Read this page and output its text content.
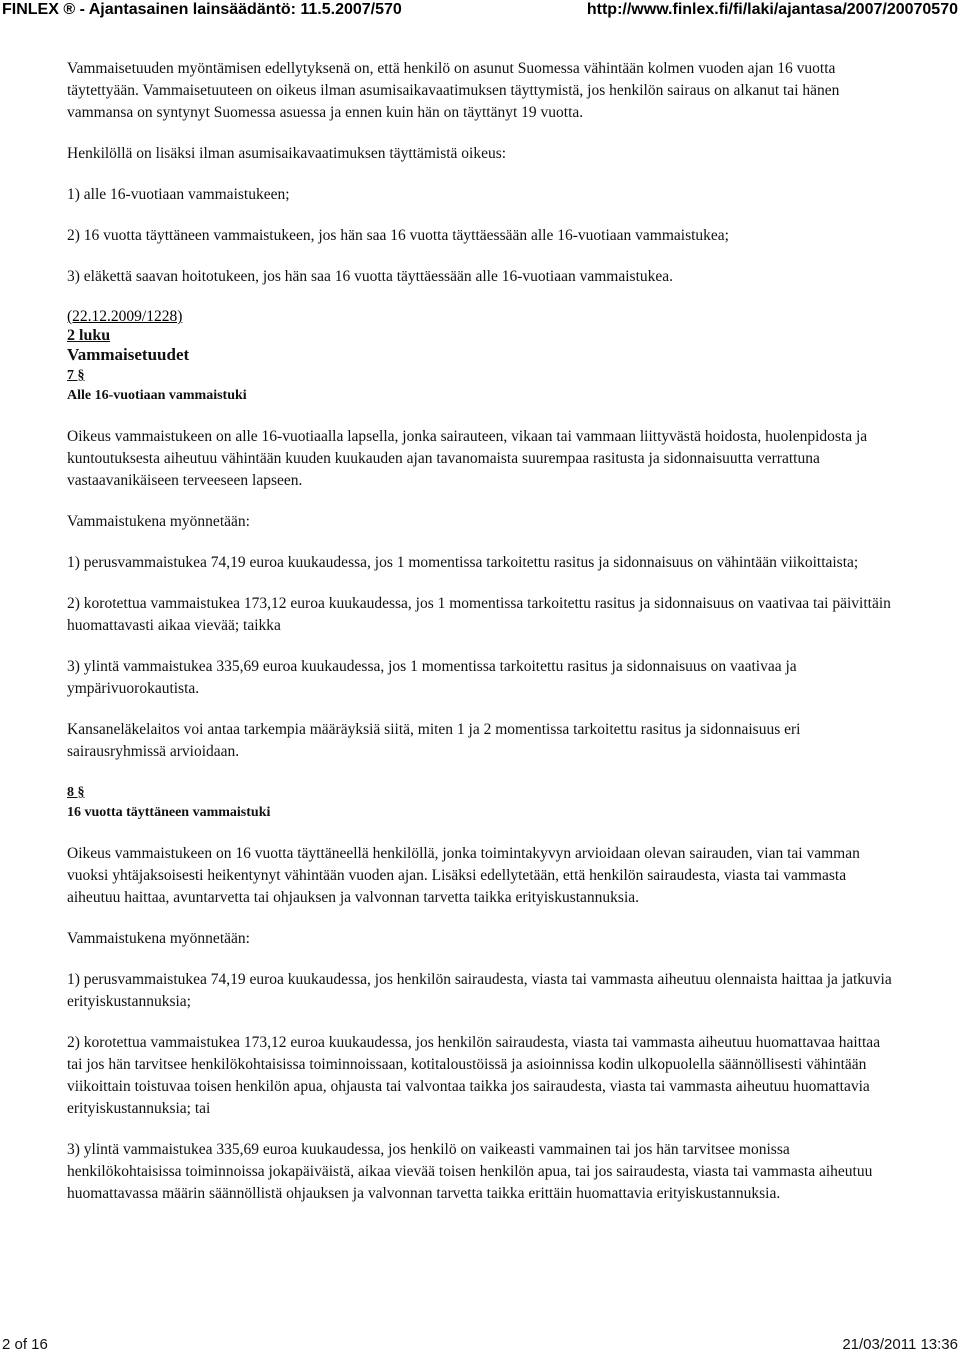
FINLEX ® - Ajantasainen lainsäädäntö: 11.5.2007/570	http://www.finlex.fi/fi/laki/ajantasa/2007/20070570

Vammaisetuuden myöntämisen edellytyksenä on, että henkilö on asunut Suomessa vähintään kolmen vuoden ajan 16 vuotta täytettyään. Vammaisetuuteen on oikeus ilman asumisaikavaatimuksen täyttymistä, jos henkilön sairaus on alkanut tai hänen vammansa on syntynyt Suomessa asuessa ja ennen kuin hän on täyttänyt 19 vuotta.

Henkilöllä on lisäksi ilman asumisaikavaatimuksen täyttämistä oikeus:

1) alle 16-vuotiaan vammaistukeen;

2) 16 vuotta täyttäneen vammaistukeen, jos hän saa 16 vuotta täyttäessään alle 16-vuotiaan vammaistukea;

3) eläkettä saavan hoitotukeen, jos hän saa 16 vuotta täyttäessään alle 16-vuotiaan vammaistukea.

(22.12.2009/1228)
2 luku
Vammaisetuudet
7 §
Alle 16-vuotiaan vammaistuki

Oikeus vammaistukeen on alle 16-vuotiaalla lapsella, jonka sairauteen, vikaan tai vammaan liittyvästä hoidosta, huolenpidosta ja kuntoutuksesta aiheutuu vähintään kuuden kuukauden ajan tavanomaista suurempaa rasitusta ja sidonnaisuutta verrattuna vastaavanikäiseen terveeseen lapseen.

Vammaistukena myönnetään:

1) perusvammaistukea 74,19 euroa kuukaudessa, jos 1 momentissa tarkoitettu rasitus ja sidonnaisuus on vähintään viikoittaista;

2) korotettua vammaistukea 173,12 euroa kuukaudessa, jos 1 momentissa tarkoitettu rasitus ja sidonnaisuus on vaativaa tai päivittäin huomattavasti aikaa vievää; taikka

3) ylintä vammaistukea 335,69 euroa kuukaudessa, jos 1 momentissa tarkoitettu rasitus ja sidonnaisuus on vaativaa ja ympärivuorokautista.

Kansaneläkelaitos voi antaa tarkempia määräyksiä siitä, miten 1 ja 2 momentissa tarkoitettu rasitus ja sidonnaisuus eri sairausryhmissä arvioidaan.

8 §
16 vuotta täyttäneen vammaistuki

Oikeus vammaistukeen on 16 vuotta täyttäneellä henkilöllä, jonka toimintakyvyn arvioidaan olevan sairauden, vian tai vamman vuoksi yhtäjaksoisesti heikentynyt vähintään vuoden ajan. Lisäksi edellytetään, että henkilön sairaudesta, viasta tai vammasta aiheutuu haittaa, avuntarvetta tai ohjauksen ja valvonnan tarvetta taikka erityiskustannuksia.

Vammaistukena myönnetään:

1) perusvammaistukea 74,19 euroa kuukaudessa, jos henkilön sairaudesta, viasta tai vammasta aiheutuu olennaista haittaa ja jatkuvia erityiskustannuksia;

2) korotettua vammaistukea 173,12 euroa kuukaudessa, jos henkilön sairaudesta, viasta tai vammasta aiheutuu huomattavaa haittaa tai jos hän tarvitsee henkilökohtaisissa toiminnoissaan, kotitaloustöissä ja asioinnissa kodin ulkopuolella säännöllisesti vähintään viikoittain toistuvaa toisen henkilön apua, ohjausta tai valvontaa taikka jos sairaudesta, viasta tai vammasta aiheutuu huomattavia erityiskustannuksia; tai

3) ylintä vammaistukea 335,69 euroa kuukaudessa, jos henkilö on vaikeasti vammainen tai jos hän tarvitsee monissa henkilökohtaisissa toiminnoissa jokapäiväistä, aikaa vievää toisen henkilön apua, tai jos sairaudesta, viasta tai vammasta aiheutuu huomattavassa määrin säännöllistä ohjauksen ja valvonnan tarvetta taikka erittäin huomattavia erityiskustannuksia.

2 of 16	21/03/2011 13:36
